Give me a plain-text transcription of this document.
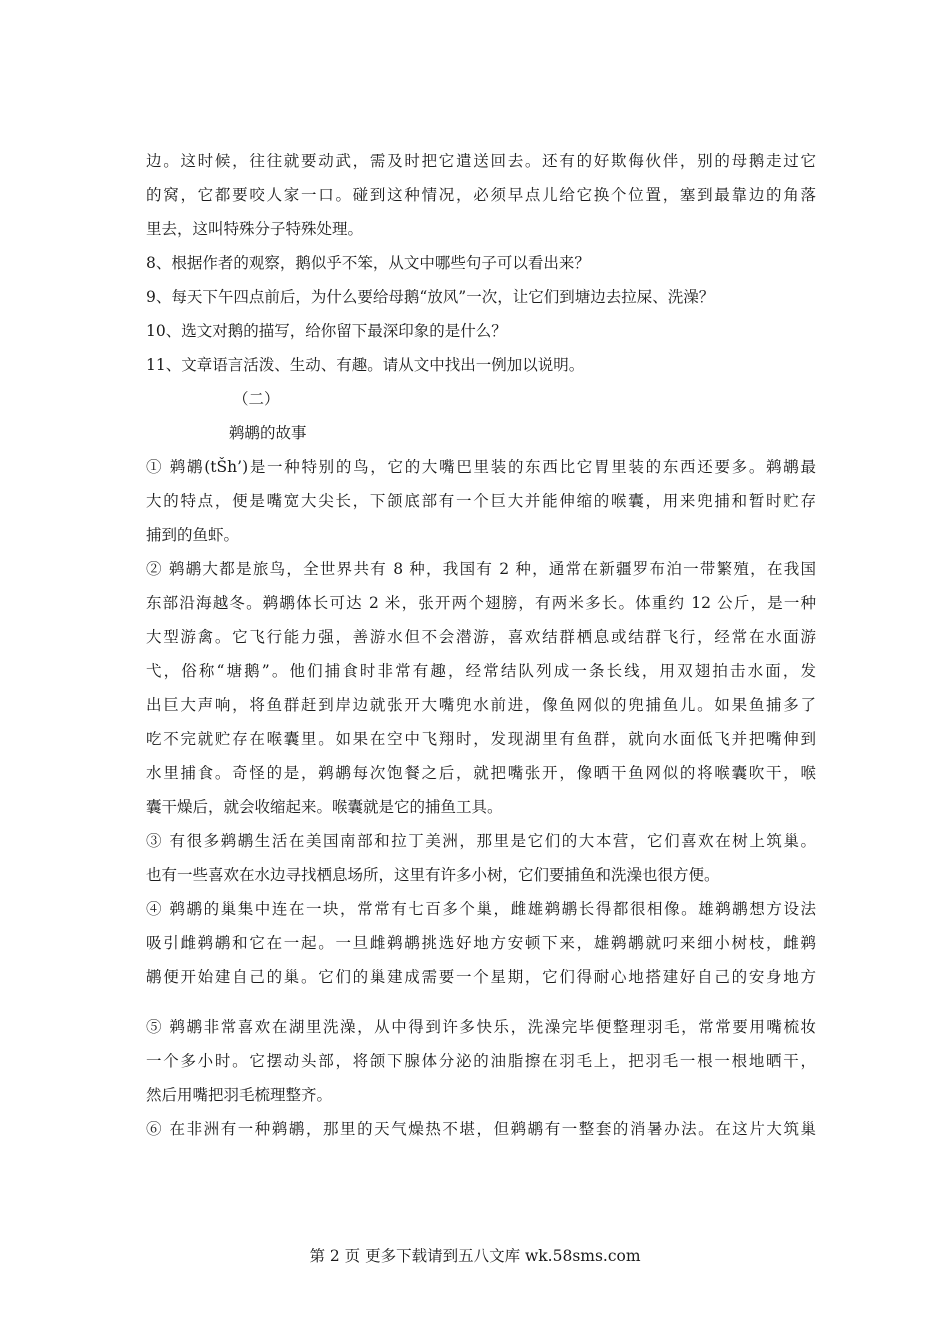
边。这时候，往往就要动武，需及时把它遣送回去。还有的好欺侮伙伴，别的母鹅走过它
的窝，它都要咬人家一口。碰到这种情况，必须早点儿给它换个位置，塞到最靠边的角落
里去，这叫特殊分子特殊处理。
8、根据作者的观察，鹅似乎不笨，从文中哪些句子可以看出来？
9、每天下午四点前后，为什么要给母鹅“放风”一次，让它们到塘边去拉屎、洗澡？
10、选文对鹅的描写，给你留下最深印象的是什么？
11、文章语言活泼、生动、有趣。请从文中找出一例加以说明。
（二）
鹈鹕的故事
① 鹈鹕(tŠh’)是一种特别的鸟，它的大嘴巴里装的东西比它胃里装的东西还要多。鹈鹕最
大的特点，便是嘴宽大尖长，下颌底部有一个巨大并能伸缩的喉囊，用来兜捕和暂时贮存
捕到的鱼虾。
② 鹈鹕大都是旅鸟，全世界共有 8 种，我国有 2 种，通常在新疆罗布泊一带繁殖，在我国
东部沿海越冬。鹈鹕体长可达 2 米，张开两个翅膀，有两米多长。体重约 12 公斤，是一种
大型游禽。它飞行能力强，善游水但不会潜游，喜欢结群栖息或结群飞行，经常在水面游
弋，俗称“塘鹅”。他们捕食时非常有趣，经常结队列成一条长线，用双翅拍击水面，发
出巨大声响，将鱼群赶到岸边就张开大嘴兜水前进，像鱼网似的兜捕鱼儿。如果鱼捕多了
吃不完就贮存在喉囊里。如果在空中飞翔时，发现湖里有鱼群，就向水面低飞并把嘴伸到
水里捕食。奇怪的是，鹈鹕每次饱餐之后，就把嘴张开，像晒干鱼网似的将喉囊吹干，喉
囊干燥后，就会收缩起来。喉囊就是它的捕鱼工具。
③ 有很多鹈鹕生活在美国南部和拉丁美洲，那里是它们的大本营，它们喜欢在树上筑巢。
也有一些喜欢在水边寻找栖息场所，这里有许多小树，它们要捕鱼和洗澡也很方便。
④ 鹈鹕的巢集中连在一块，常常有七百多个巢，雌雄鹈鹕长得都很相像。雄鹈鹕想方设法
吸引雌鹈鹕和它在一起。一旦雌鹈鹕挑选好地方安顿下来，雄鹈鹕就叼来细小树枝，雌鹈
鹕便开始建自己的巢。它们的巢建成需要一个星期，它们得耐心地搭建好自己的安身地方
⑤ 鹈鹕非常喜欢在湖里洗澡，从中得到许多快乐，洗澡完毕便整理羽毛，常常要用嘴梳妆
一个多小时。它摆动头部，将颌下腺体分泌的油脂擦在羽毛上，把羽毛一根一根地晒干，
然后用嘴把羽毛梳理整齐。
⑥ 在非洲有一种鹈鹕，那里的天气燥热不堪，但鹈鹕有一整套的消暑办法。在这片大筑巢
第 2 页 更多下载请到五八文库 wk.58sms.com
